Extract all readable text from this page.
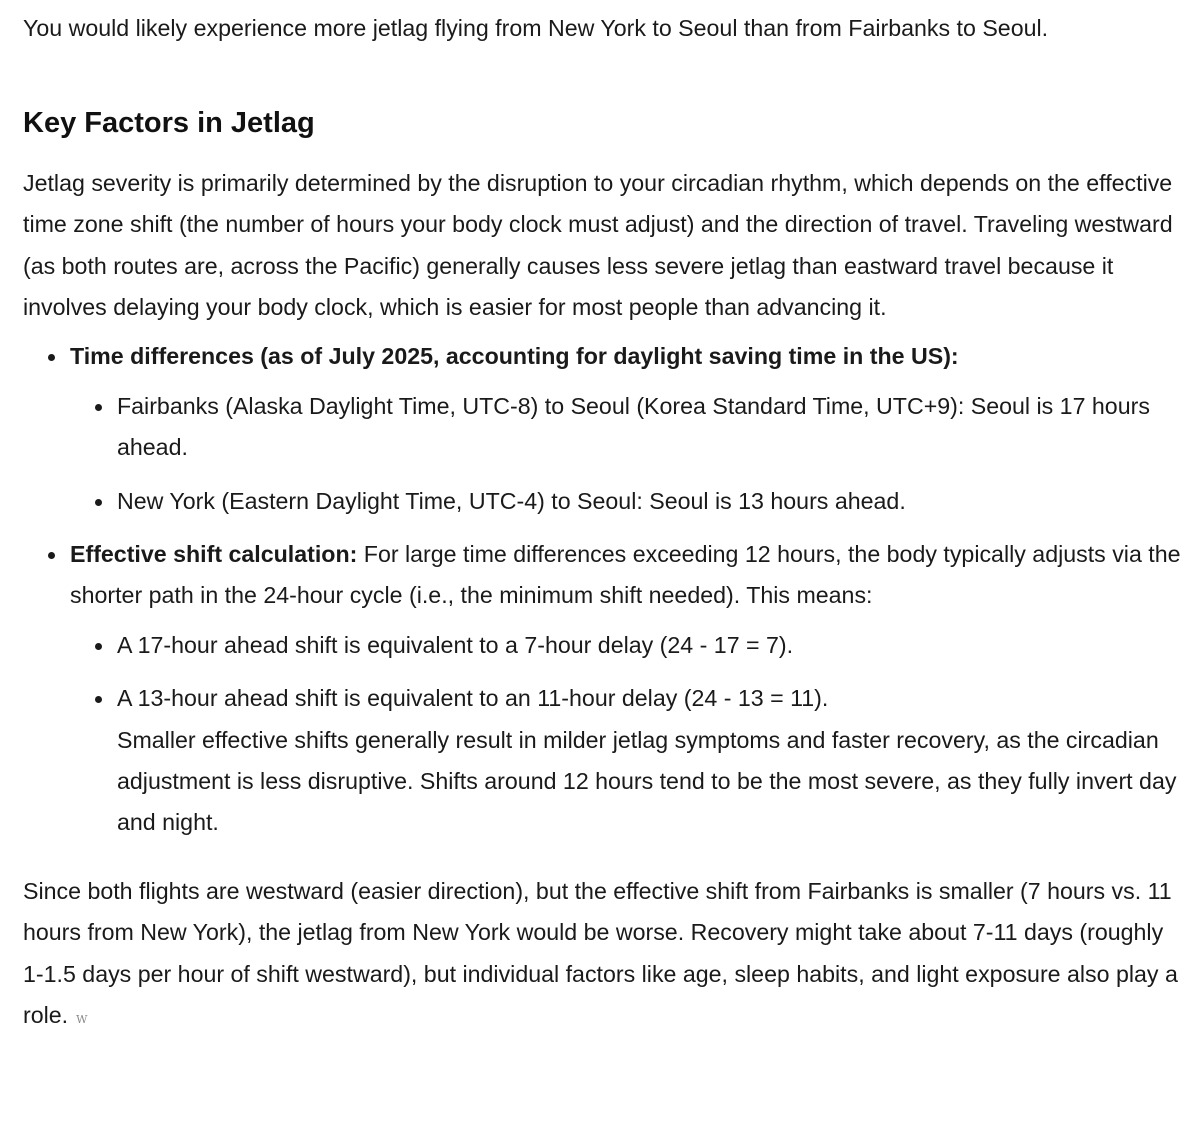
You would likely experience more jetlag flying from New York to Seoul than from Fairbanks to Seoul.

Key Factors in Jetlag

Jetlag severity is primarily determined by the disruption to your circadian rhythm, which depends on the effective time zone shift (the number of hours your body clock must adjust) and the direction of travel. Traveling westward (as both routes are, across the Pacific) generally causes less severe jetlag than eastward travel because it involves delaying your body clock, which is easier for most people than advancing it.

Time differences (as of July 2025, accounting for daylight saving time in the US):
Fairbanks (Alaska Daylight Time, UTC-8) to Seoul (Korea Standard Time, UTC+9): Seoul is 17 hours ahead.
New York (Eastern Daylight Time, UTC-4) to Seoul: Seoul is 13 hours ahead.
Effective shift calculation: For large time differences exceeding 12 hours, the body typically adjusts via the shorter path in the 24-hour cycle (i.e., the minimum shift needed). This means:
A 17-hour ahead shift is equivalent to a 7-hour delay (24 - 17 = 7).
A 13-hour ahead shift is equivalent to an 11-hour delay (24 - 13 = 11).
Smaller effective shifts generally result in milder jetlag symptoms and faster recovery, as the circadian adjustment is less disruptive. Shifts around 12 hours tend to be the most severe, as they fully invert day and night.

Since both flights are westward (easier direction), but the effective shift from Fairbanks is smaller (7 hours vs. 11 hours from New York), the jetlag from New York would be worse. Recovery might take about 7-11 days (roughly 1-1.5 days per hour of shift westward), but individual factors like age, sleep habits, and light exposure also play a role. W
